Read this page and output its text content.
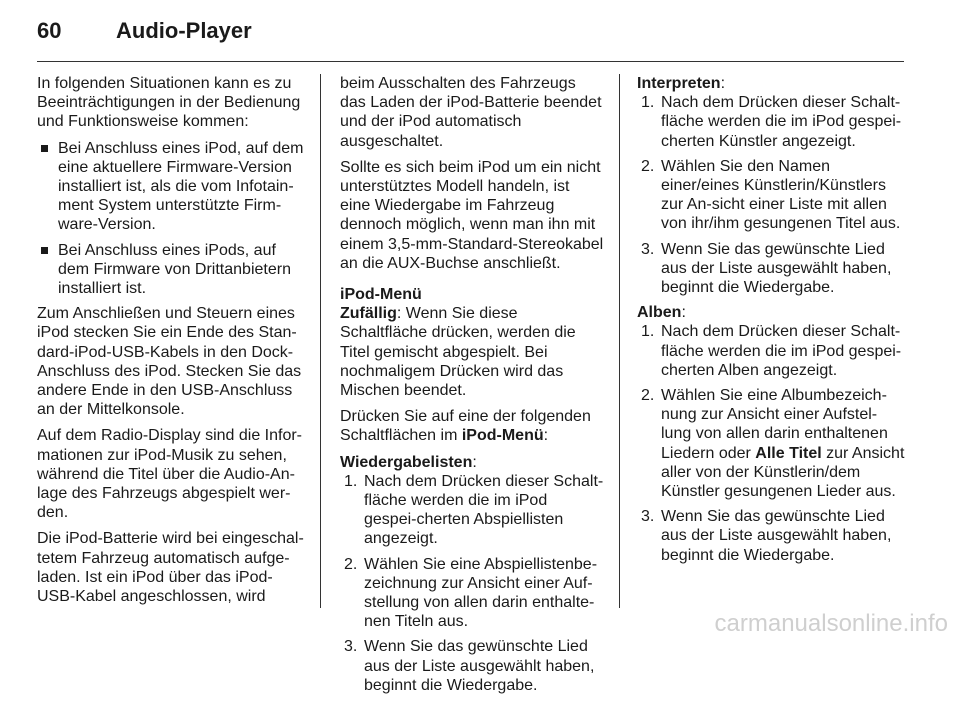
60 Audio-Player

In folgenden Situationen kann es zu Beeinträchtigungen in der Bedienung und Funktionsweise kommen:

Bei Anschluss eines iPod, auf dem eine aktuellere Firmware-Version installiert ist, als die vom Infotain-ment System unterstützte Firm-ware-Version.
Bei Anschluss eines iPods, auf dem Firmware von Drittanbietern installiert ist.

Zum Anschließen und Steuern eines iPod stecken Sie ein Ende des Stan-dard-iPod-USB-Kabels in den Dock-Anschluss des iPod. Stecken Sie das andere Ende in den USB-Anschluss an der Mittelkonsole.

Auf dem Radio-Display sind die Infor-mationen zur iPod-Musik zu sehen, während die Titel über die Audio-An-lage des Fahrzeugs abgespielt wer-den.

Die iPod-Batterie wird bei eingeschal-tetem Fahrzeug automatisch aufge-laden. Ist ein iPod über das iPod-USB-Kabel angeschlossen, wird

beim Ausschalten des Fahrzeugs das Laden der iPod-Batterie beendet und der iPod automatisch ausgeschaltet.

Sollte es sich beim iPod um ein nicht unterstütztes Modell handeln, ist eine Wiedergabe im Fahrzeug dennoch möglich, wenn man ihn mit einem 3,5-mm-Standard-Stereokabel an die AUX-Buchse anschließt.

iPod-Menü

Zufällig: Wenn Sie diese Schaltfläche drücken, werden die Titel gemischt abgespielt. Bei nochmaligem Drücken wird das Mischen beendet.

Drücken Sie auf eine der folgenden Schaltflächen im iPod-Menü:

Wiedergabelisten:
1. Nach dem Drücken dieser Schalt-fläche werden die im iPod gespei-cherten Abspiellisten angezeigt.
2. Wählen Sie eine Abspiellistenbe-zeichnung zur Ansicht einer Auf-stellung von allen darin enthalte-nen Titeln aus.
3. Wenn Sie das gewünschte Lied aus der Liste ausgewählt haben, beginnt die Wiedergabe.
Interpreten:
1. Nach dem Drücken dieser Schalt-fläche werden die im iPod gespei-cherten Künstler angezeigt.
2. Wählen Sie den Namen einer/eines Künstlerin/Künstlers zur An-sicht einer Liste mit allen von ihr/ihm gesungenen Titel aus.
3. Wenn Sie das gewünschte Lied aus der Liste ausgewählt haben, beginnt die Wiedergabe.
Alben:
1. Nach dem Drücken dieser Schalt-fläche werden die im iPod gespei-cherten Alben angezeigt.
2. Wählen Sie eine Albumbezeich-nung zur Ansicht einer Aufstel-lung von allen darin enthaltenen Liedern oder Alle Titel zur Ansicht aller von der Künstlerin/dem Künstler gesungenen Lieder aus.
3. Wenn Sie das gewünschte Lied aus der Liste ausgewählt haben, beginnt die Wiedergabe.
carmanualsonline.info
